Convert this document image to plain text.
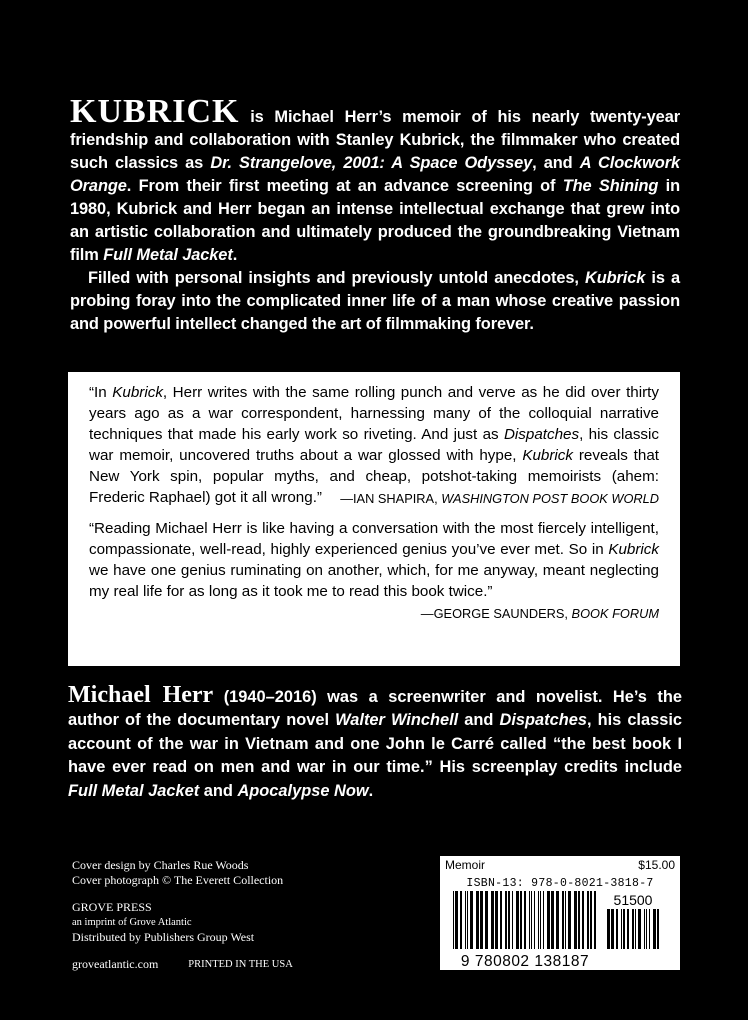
KUBRICK is Michael Herr’s memoir of his nearly twenty-year friendship and collaboration with Stanley Kubrick, the filmmaker who created such classics as Dr. Strangelove, 2001: A Space Odyssey, and A Clockwork Orange. From their first meeting at an advance screening of The Shining in 1980, Kubrick and Herr began an intense intellectual exchange that grew into an artistic collaboration and ultimately produced the groundbreaking Vietnam film Full Metal Jacket.

Filled with personal insights and previously untold anecdotes, Kubrick is a probing foray into the complicated inner life of a man whose creative passion and powerful intellect changed the art of filmmaking forever.

“In Kubrick, Herr writes with the same rolling punch and verve as he did over thirty years ago as a war correspondent, harnessing many of the colloquial narrative techniques that made his early work so riveting. And just as Dispatches, his classic war memoir, uncovered truths about a war glossed with hype, Kubrick reveals that New York spin, popular myths, and cheap, potshot-taking memoirists (ahem: Frederic Raphael) got it all wrong.” —IAN SHAPIRA, WASHINGTON POST BOOK WORLD

“Reading Michael Herr is like having a conversation with the most fiercely intelligent, compassionate, well-read, highly experienced genius you’ve ever met. So in Kubrick we have one genius ruminating on another, which, for me anyway, meant neglecting my real life for as long as it took me to read this book twice.”
—GEORGE SAUNDERS, BOOK FORUM

Michael Herr (1940–2016) was a screenwriter and novelist. He’s the author of the documentary novel Walter Winchell and Dispatches, his classic account of the war in Vietnam and one John le Carré called “the best book I have ever read on men and war in our time.” His screenplay credits include Full Metal Jacket and Apocalypse Now.

Cover design by Charles Rue Woods
Cover photograph © The Everett Collection
GROVE PRESS
an imprint of Grove Atlantic
Distributed by Publishers Group West
groveatlantic.com	PRINTED IN THE USA
Memoir	$15.00
ISBN-13: 978-0-8021-3818-7
51500
9 780802 138187
